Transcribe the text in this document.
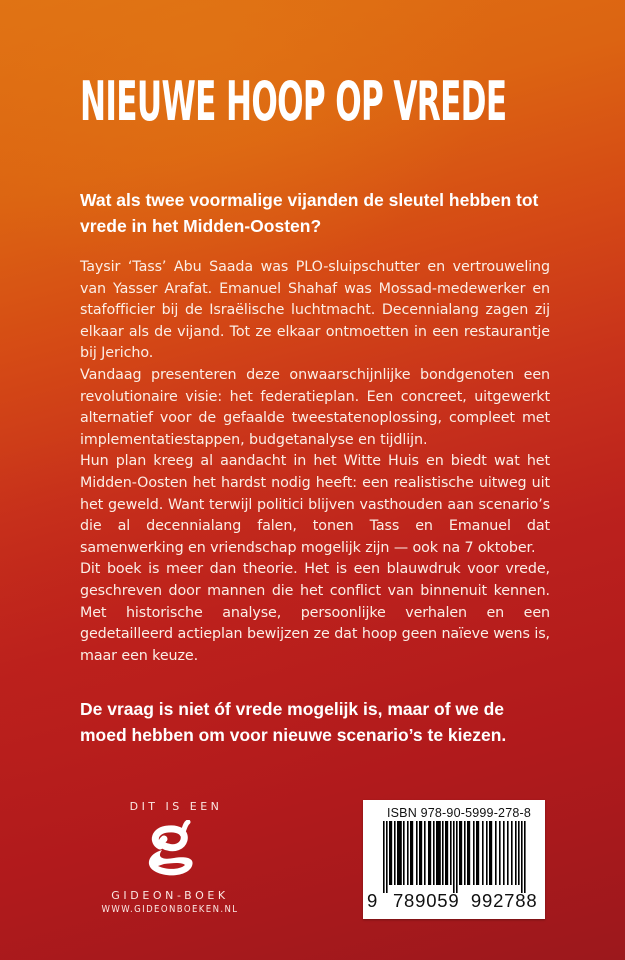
NIEUWE HOOP OP VREDE
Wat als twee voormalige vijanden de sleutel hebben tot vrede in het Midden-Oosten?

Taysir ‘Tass’ Abu Saada was PLO-sluipschutter en vertrouweling van Yasser Arafat. Emanuel Shahaf was Mossad-medewerker en stafofficier bij de Israëlische luchtmacht. Decennialang zagen zij elkaar als de vijand. Tot ze elkaar ontmoetten in een restaurantje bij Jericho.

Vandaag presenteren deze onwaarschijnlijke bondgenoten een revolutionaire visie: het federatieplan. Een concreet, uitgewerkt alternatief voor de gefaalde tweestatenoplossing, compleet met implementatiestappen, budgetanalyse en tijdlijn.

Hun plan kreeg al aandacht in het Witte Huis en biedt wat het Midden-Oosten het hardst nodig heeft: een realistische uitweg uit het geweld. Want terwijl politici blijven vasthouden aan scenario’s die al decennialang falen, tonen Tass en Emanuel dat samenwerking en vriendschap mogelijk zijn — ook na 7 oktober.

Dit boek is meer dan theorie. Het is een blauwdruk voor vrede, geschreven door mannen die het conflict van binnenuit kennen. Met historische analyse, persoonlijke verhalen en een gedetailleerd actieplan bewijzen ze dat hoop geen naïeve wens is, maar een keuze.

De vraag is niet óf vrede mogelijk is, maar of we de moed hebben om voor nieuwe scenario’s te kiezen.
DIT IS EEN
GIDEON-BOEK
WWW.GIDEONBOEKEN.NL
ISBN 978-90-5999-278-8
9 789059 992788
